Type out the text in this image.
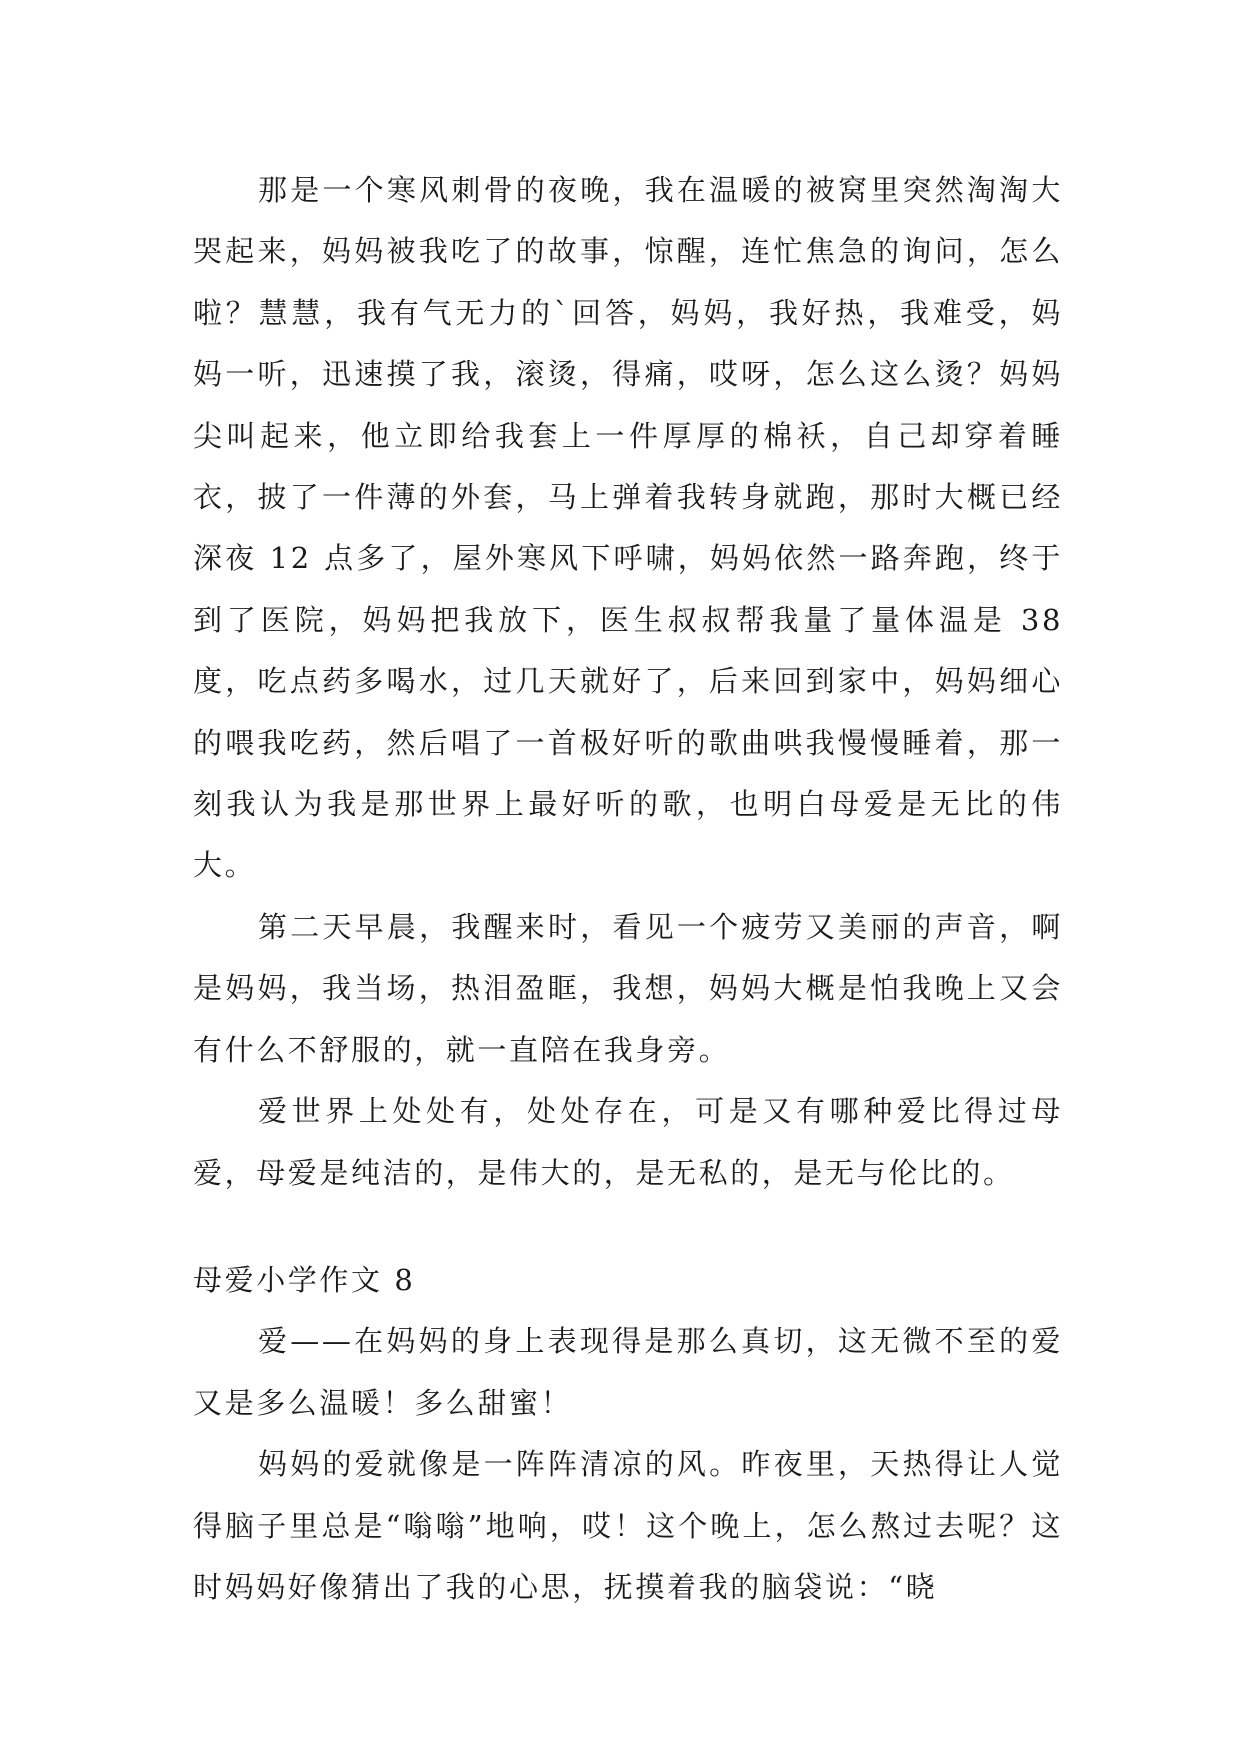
那是一个寒风刺骨的夜晚，我在温暖的被窝里突然淘淘大哭起来，妈妈被我吃了的故事，惊醒，连忙焦急的询问，怎么啦？慧慧，我有气无力的`回答，妈妈，我好热，我难受，妈妈一听，迅速摸了我，滚烫，得痛，哎呀，怎么这么烫？妈妈尖叫起来，他立即给我套上一件厚厚的棉袄，自己却穿着睡衣，披了一件薄的外套，马上弹着我转身就跑，那时大概已经深夜 12 点多了，屋外寒风下呼啸，妈妈依然一路奔跑，终于到了医院，妈妈把我放下，医生叔叔帮我量了量体温是 38 度，吃点药多喝水，过几天就好了，后来回到家中，妈妈细心的喂我吃药，然后唱了一首极好听的歌曲哄我慢慢睡着，那一刻我认为我是那世界上最好听的歌，也明白母爱是无比的伟大。

第二天早晨，我醒来时，看见一个疲劳又美丽的声音，啊是妈妈，我当场，热泪盈眶，我想，妈妈大概是怕我晚上又会有什么不舒服的，就一直陪在我身旁。

爱世界上处处有，处处存在，可是又有哪种爱比得过母爱，母爱是纯洁的，是伟大的，是无私的，是无与伦比的。

母爱小学作文 8

爱——在妈妈的身上表现得是那么真切，这无微不至的爱又是多么温暖！多么甜蜜！

妈妈的爱就像是一阵阵清凉的风。昨夜里，天热得让人觉得脑子里总是“嗡嗡”地响，哎！这个晚上，怎么熬过去呢？这时妈妈好像猜出了我的心思，抚摸着我的脑袋说：“晓
